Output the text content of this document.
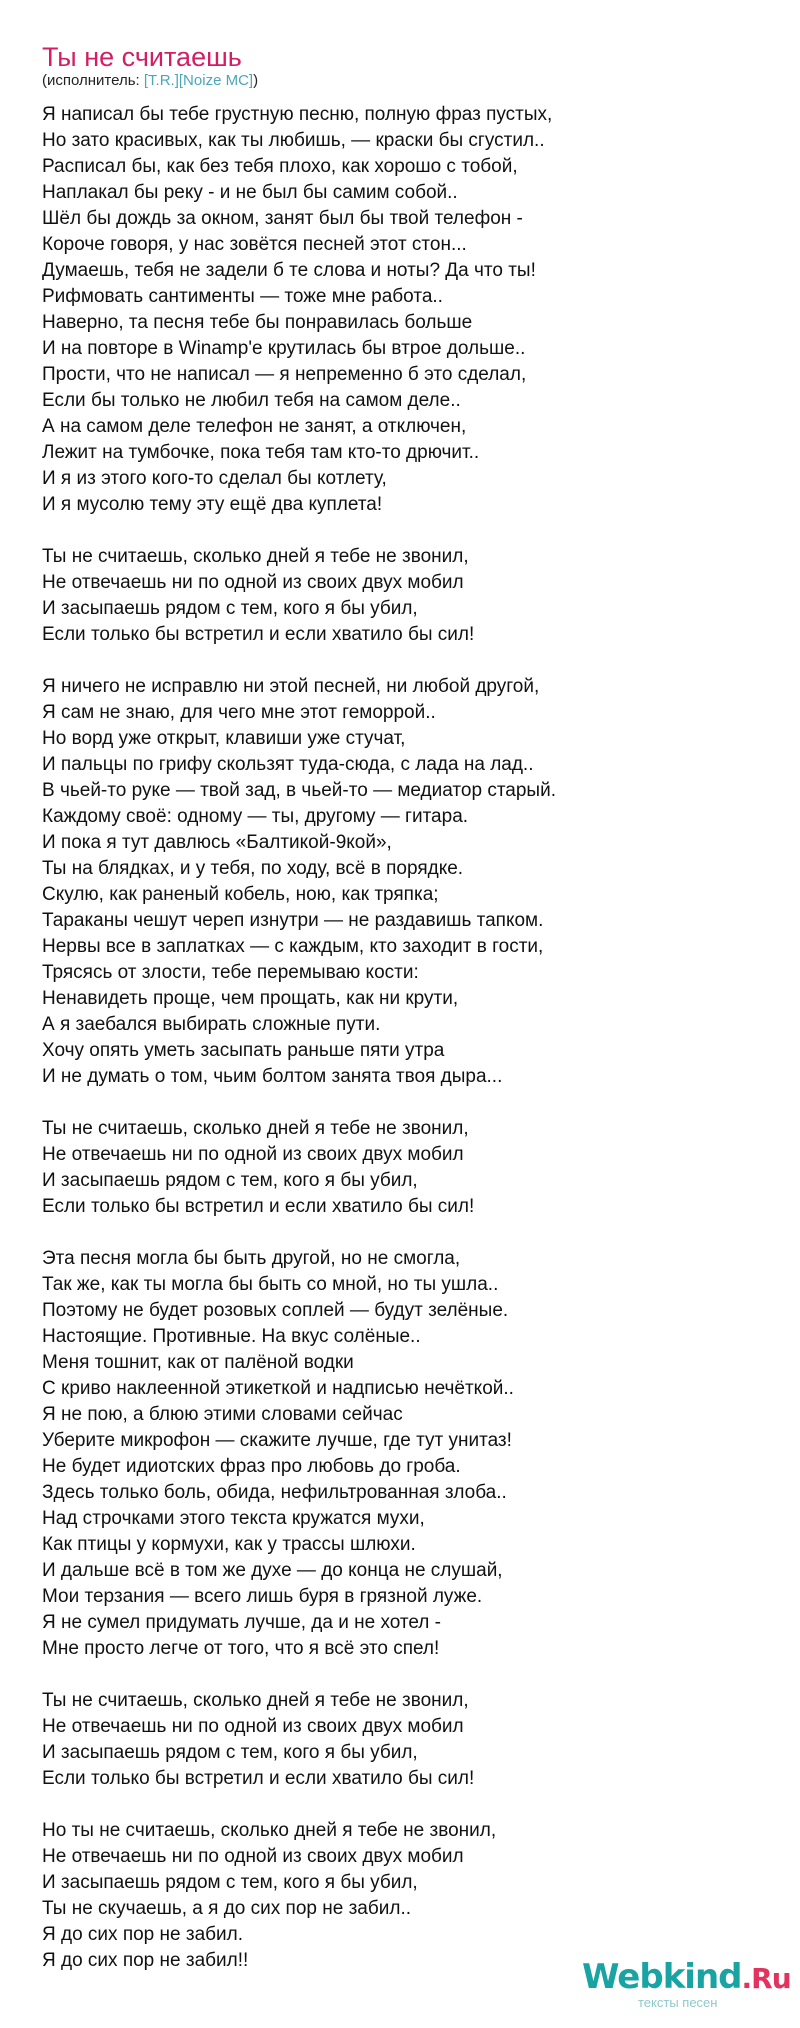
Ты не считаешь
(исполнитель: [T.R.][Noize MC])
Я написал бы тебе грустную песню, полную фраз пустых,
Но зато красивых, как ты любишь, — краски бы сгустил..
Расписал бы, как без тебя плохо, как хорошо с тобой,
Наплакал бы реку - и не был бы самим собой..
Шёл бы дождь за окном, занят был бы твой телефон -
Короче говоря, у нас зовётся песней этот стон...
Думаешь, тебя не задели б те слова и ноты? Да что ты!
Рифмовать сантименты — тоже мне работа..
Наверно, та песня тебе бы понравилась больше
И на повторе в Winamp'е крутилась бы втрое дольше..
Прости, что не написал — я непременно б это сделал,
Если бы только не любил тебя на самом деле..
А на самом деле телефон не занят, а отключен,
Лежит на тумбочке, пока тебя там кто-то дрючит..
И я из этого кого-то сделал бы котлету,
И я мусолю тему эту ещё два куплета!
Ты не считаешь, сколько дней я тебе не звонил,
Не отвечаешь ни по одной из своих двух мобил
И засыпаешь рядом с тем, кого я бы убил,
Если только бы встретил и если хватило бы сил!
Я ничего не исправлю ни этой песней, ни любой другой,
Я сам не знаю, для чего мне этот геморрой..
Но ворд уже открыт, клавиши уже стучат,
И пальцы по грифу скользят туда-сюда, с лада на лад..
В чьей-то руке — твой зад, в чьей-то — медиатор старый.
Каждому своё: одному — ты, другому — гитара.
И пока я тут давлюсь «Балтикой-9кой»,
Ты на блядках, и у тебя, по ходу, всё в порядке.
Скулю, как раненый кобель, ною, как тряпка;
Тараканы чешут череп изнутри — не раздавишь тапком.
Нервы все в заплатках — с каждым, кто заходит в гости,
Трясясь от злости, тебе перемываю кости:
Ненавидеть проще, чем прощать, как ни крути,
А я заебался выбирать сложные пути.
Хочу опять уметь засыпать раньше пяти утра
И не думать о том, чьим болтом занята твоя дыра...
Ты не считаешь, сколько дней я тебе не звонил,
Не отвечаешь ни по одной из своих двух мобил
И засыпаешь рядом с тем, кого я бы убил,
Если только бы встретил и если хватило бы сил!
Эта песня могла бы быть другой, но не смогла,
Так же, как ты могла бы быть со мной, но ты ушла..
Поэтому не будет розовых соплей — будут зелёные.
Настоящие. Противные. На вкус солёные..
Меня тошнит, как от палёной водки
С криво наклеенной этикеткой и надписью нечёткой..
Я не пою, а блюю этими словами сейчас
Уберите микрофон — скажите лучше, где тут унитаз!
Не будет идиотских фраз про любовь до гроба.
Здесь только боль, обида, нефильтрованная злоба..
Над строчками этого текста кружатся мухи,
Как птицы у кормухи, как у трассы шлюхи.
И дальше всё в том же духе — до конца не слушай,
Мои терзания — всего лишь буря в грязной луже.
Я не сумел придумать лучше, да и не хотел -
Мне просто легче от того, что я всё это спел!
Ты не считаешь, сколько дней я тебе не звонил,
Не отвечаешь ни по одной из своих двух мобил
И засыпаешь рядом с тем, кого я бы убил,
Если только бы встретил и если хватило бы сил!
Но ты не считаешь, сколько дней я тебе не звонил,
Не отвечаешь ни по одной из своих двух мобил
И засыпаешь рядом с тем, кого я бы убил,
Ты не скучаешь, а я до сих пор не забил..
Я до сих пор не забил.
Я до сих пор не забил!!	Webkind.Ru
тексты песен
